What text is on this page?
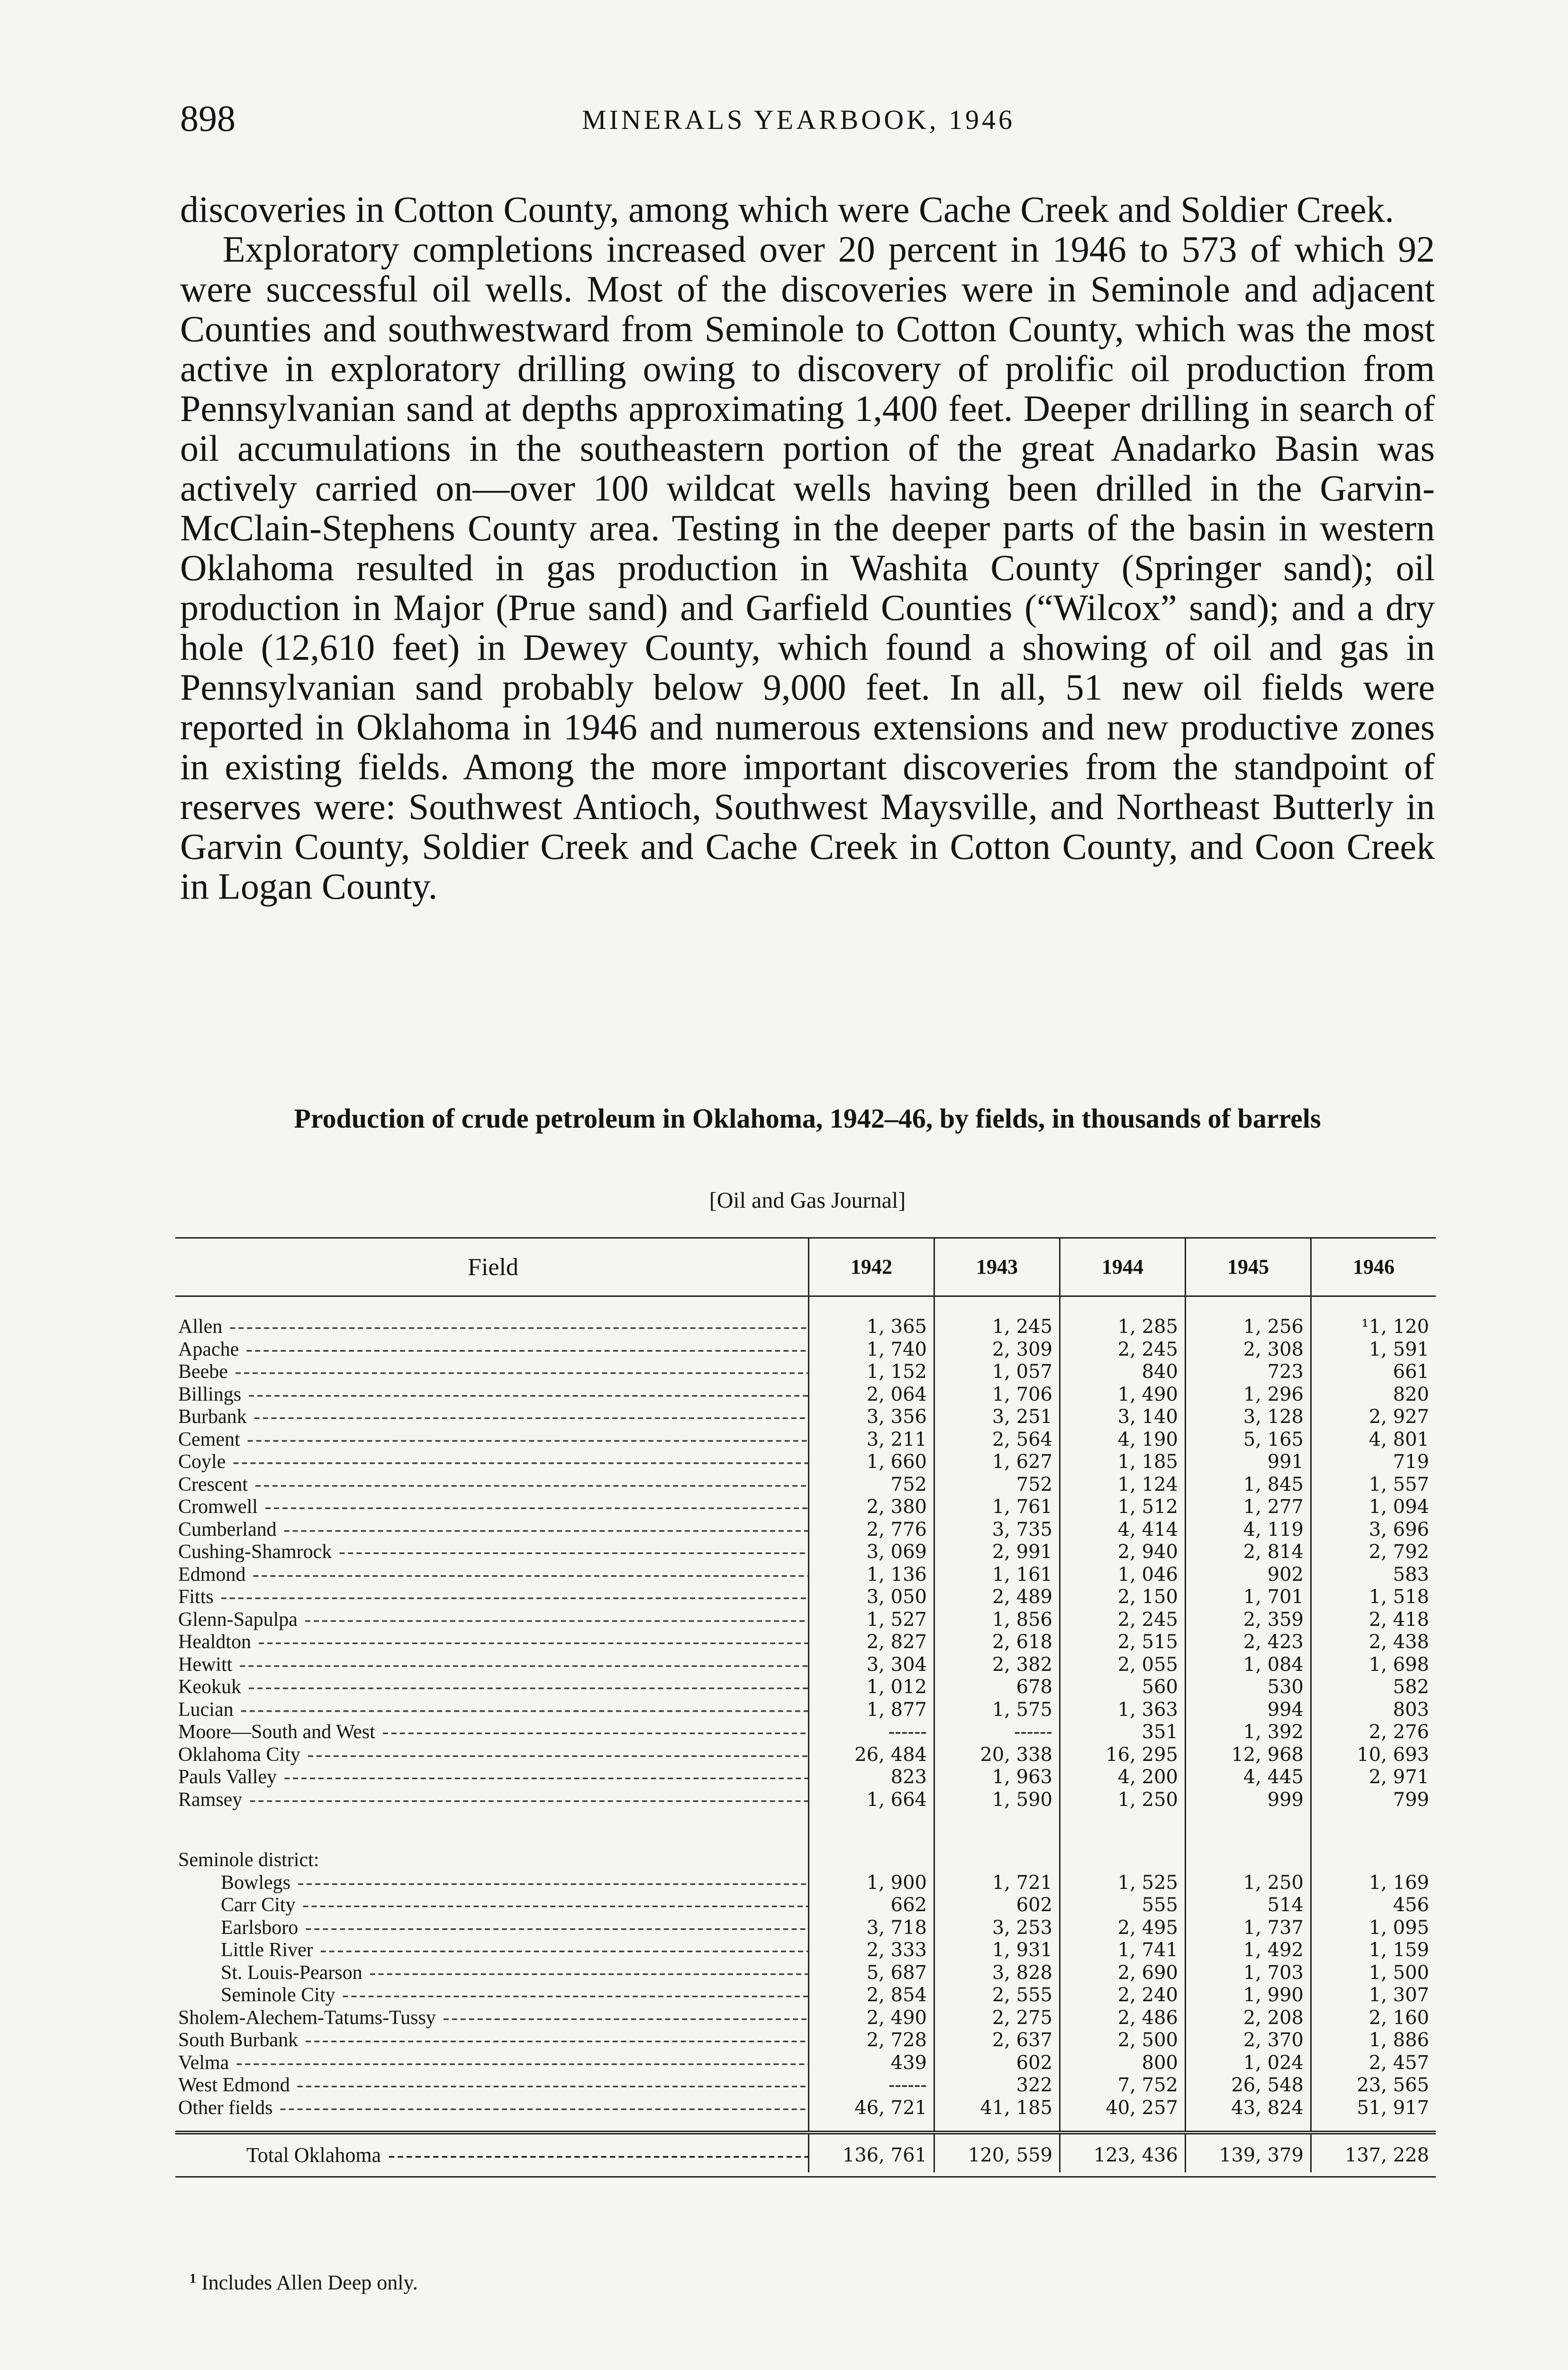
898	MINERALS YEARBOOK, 1946

discoveries in Cotton County, among which were Cache Creek and Soldier Creek.

Exploratory completions increased over 20 percent in 1946 to 573 of which 92 were successful oil wells. Most of the discoveries were in Seminole and adjacent Counties and southwestward from Seminole to Cotton County, which was the most active in exploratory drilling owing to discovery of prolific oil production from Pennsylvanian sand at depths approximating 1,400 feet. Deeper drilling in search of oil accumulations in the southeastern portion of the great Anadarko Basin was actively carried on—over 100 wildcat wells having been drilled in the Garvin-McClain-Stephens County area. Testing in the deeper parts of the basin in western Oklahoma resulted in gas production in Washita County (Springer sand); oil production in Major (Prue sand) and Garfield Counties (“Wilcox” sand); and a dry hole (12,610 feet) in Dewey County, which found a showing of oil and gas in Pennsylvanian sand probably below 9,000 feet. In all, 51 new oil fields were reported in Oklahoma in 1946 and numerous extensions and new productive zones in existing fields. Among the more important discoveries from the standpoint of reserves were: Southwest Antioch, Southwest Maysville, and Northeast Butterly in Garvin County, Soldier Creek and Cache Creek in Cotton County, and Coon Creek in Logan County.

Production of crude petroleum in Oklahoma, 1942–46, by fields, in thousands of barrels
[Oil and Gas Journal]
Field	1942	1943	1944	1945	1946
Allen -----	1, 365	1, 245	1, 285	1, 256	¹1, 120
Apache -----	1, 740	2, 309	2, 245	2, 308	1, 591
Beebe -----	1, 152	1, 057	840	723	661
Billings -----	2, 064	1, 706	1, 490	1, 296	820
Burbank -----	3, 356	3, 251	3, 140	3, 128	2, 927
Cement -----	3, 211	2, 564	4, 190	5, 165	4, 801
Coyle -----	1, 660	1, 627	1, 185	991	719
Crescent -----	752	752	1, 124	1, 845	1, 557
Cromwell -----	2, 380	1, 761	1, 512	1, 277	1, 094
Cumberland -----	2, 776	3, 735	4, 414	4, 119	3, 696
Cushing-Shamrock -----	3, 069	2, 991	2, 940	2, 814	2, 792
Edmond -----	1, 136	1, 161	1, 046	902	583
Fitts -----	3, 050	2, 489	2, 150	1, 701	1, 518
Glenn-Sapulpa -----	1, 527	1, 856	2, 245	2, 359	2, 418
Healdton -----	2, 827	2, 618	2, 515	2, 423	2, 438
Hewitt -----	3, 304	2, 382	2, 055	1, 084	1, 698
Keokuk -----	1, 012	678	560	530	582
Lucian -----	1, 877	1, 575	1, 363	994	803
Moore—South and West -----	------	------	351	1, 392	2, 276
Oklahoma City -----	26, 484	20, 338	16, 295	12, 968	10, 693
Pauls Valley -----	823	1, 963	4, 200	4, 445	2, 971
Ramsey -----	1, 664	1, 590	1, 250	999	799
Seminole district:
Bowlegs -----	1, 900	1, 721	1, 525	1, 250	1, 169
Carr City -----	662	602	555	514	456
Earlsboro -----	3, 718	3, 253	2, 495	1, 737	1, 095
Little River -----	2, 333	1, 931	1, 741	1, 492	1, 159
St. Louis-Pearson -----	5, 687	3, 828	2, 690	1, 703	1, 500
Seminole City -----	2, 854	2, 555	2, 240	1, 990	1, 307
Sholem-Alechem-Tatums-Tussy -----	2, 490	2, 275	2, 486	2, 208	2, 160
South Burbank -----	2, 728	2, 637	2, 500	2, 370	1, 886
Velma -----	439	602	800	1, 024	2, 457
West Edmond -----	------	322	7, 752	26, 548	23, 565
Other fields -----	46, 721	41, 185	40, 257	43, 824	51, 917
Total Oklahoma -----	136, 761	120, 559	123, 436	139, 379	137, 228
$^1$ Includes Allen Deep only.
